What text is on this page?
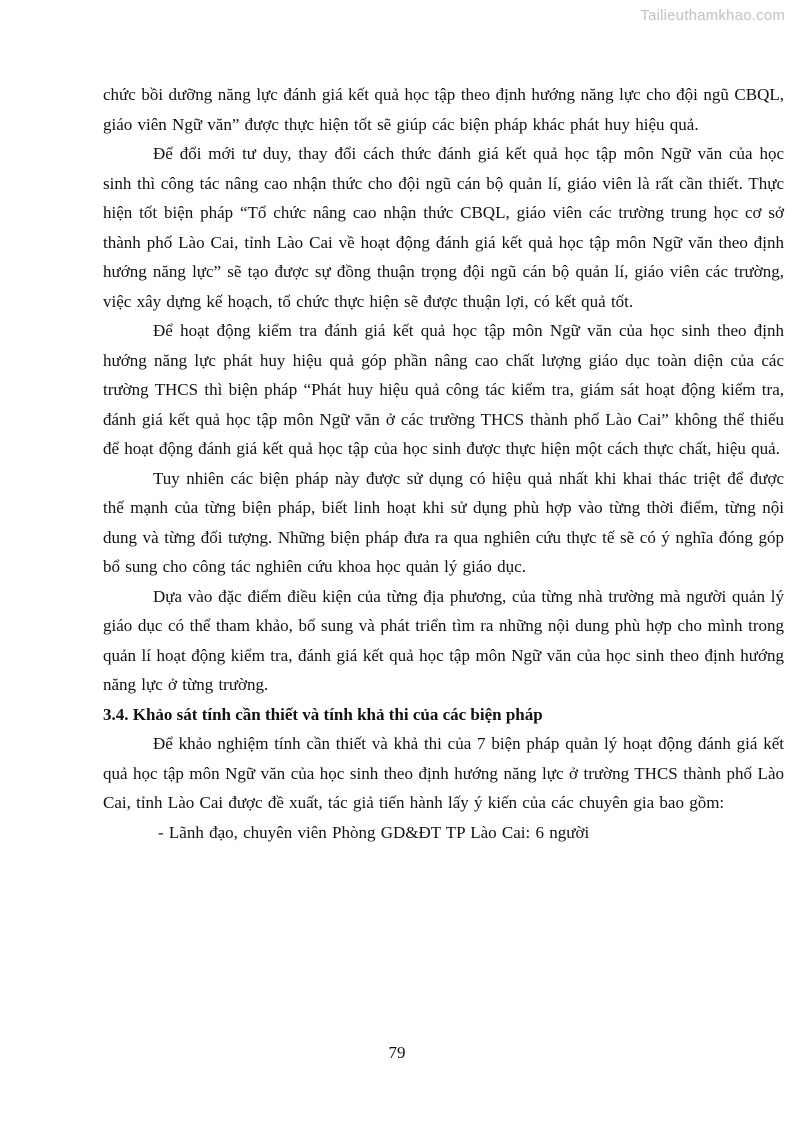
Tailieuthamkhao.com

chức bồi dưỡng năng lực đánh giá kết quả học tập theo định hướng năng lực cho đội ngũ CBQL, giáo viên Ngữ văn” được thực hiện tốt sẽ giúp các biện pháp khác phát huy hiệu quả.

Để đổi mới tư duy, thay đổi cách thức đánh giá kết quả học tập môn Ngữ văn của học sinh thì công tác nâng cao nhận thức cho đội ngũ cán bộ quản lí, giáo viên là rất cần thiết. Thực hiện tốt biện pháp “Tổ chức nâng cao nhận thức CBQL, giáo viên các trường trung học cơ sở thành phố Lào Cai, tỉnh Lào Cai về hoạt động đánh giá kết quả học tập môn Ngữ văn theo định hướng năng lực” sẽ tạo được sự đồng thuận trọng đội ngũ cán bộ quản lí, giáo viên các trường, việc xây dựng kế hoạch, tổ chức thực hiện sẽ được thuận lợi, có kết quả tốt.

Để hoạt động kiểm tra đánh giá kết quả học tập môn Ngữ văn của học sinh theo định hướng năng lực phát huy hiệu quả góp phần nâng cao chất lượng giáo dục toàn diện của các trường THCS thì biện pháp “Phát huy hiệu quả công tác kiểm tra, giám sát hoạt động kiểm tra, đánh giá kết quả học tập môn Ngữ văn ở các trường THCS thành phố Lào Cai” không thể thiếu để hoạt động đánh giá kết quả học tập của học sinh được thực hiện một cách thực chất, hiệu quả.

Tuy nhiên các biện pháp này được sử dụng có hiệu quả nhất khi khai thác triệt để được thế mạnh của từng biện pháp, biết linh hoạt khi sử dụng phù hợp vào từng thời điểm, từng nội dung và từng đối tượng. Những biện pháp đưa ra qua nghiên cứu thực tế sẽ có ý nghĩa đóng góp bổ sung cho công tác nghiên cứu khoa học quản lý giáo dục.

Dựa vào đặc điểm điều kiện của từng địa phương, của từng nhà trường mà người quản lý giáo dục có thể tham khảo, bổ sung và phát triển tìm ra những nội dung phù hợp cho mình trong quản lí hoạt động kiểm tra, đánh giá kết quả học tập môn Ngữ văn của học sinh theo định hướng năng lực ở từng trường.

3.4. Khảo sát tính cần thiết và tính khả thi của các biện pháp

Để khảo nghiệm tính cần thiết và khả thi của 7 biện pháp quản lý hoạt động đánh giá kết quả học tập môn Ngữ văn của học sinh theo định hướng năng lực ở trường THCS thành phố Lào Cai, tỉnh Lào Cai được đề xuất, tác giả tiến hành lấy ý kiến của các chuyên gia bao gồm:

- Lãnh đạo, chuyên viên Phòng GD&ĐT TP Lào Cai: 6 người

79
